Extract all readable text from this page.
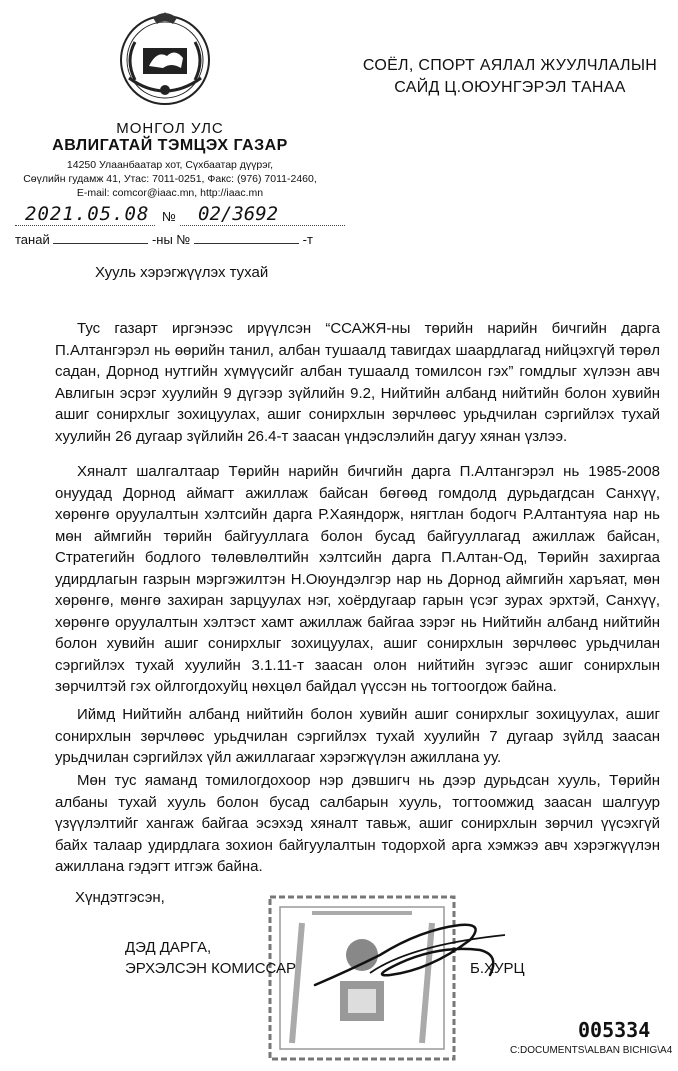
МОНГОЛ УЛС
АВЛИГАТАЙ ТЭМЦЭХ ГАЗАР
14250 Улаанбаатар хот, Сүхбаатар дүүрэг,
Сөүлийн гудамж 41, Утас: 7011-0251, Факс: (976) 7011-2460,
E-mail: comcor@iaac.mn, http://iaac.mn
СОЁЛ, СПОРТ АЯЛАЛ ЖУУЛЧЛАЛЫН
САЙД Ц.ОЮУНГЭРЭЛ ТАНАА
2021.05.08 № 02/3692
танай	-ны №	-т
Хууль хэрэгжүүлэх тухай
Тус газарт иргэнээс ирүүлсэн “ССАЖЯ-ны төрийн нарийн бичгийн дарга П.Алтангэрэл нь өөрийн танил, албан тушаалд тавигдах шаардлагад нийцэхгүй төрөл садан, Дорнод нутгийн хүмүүсийг албан тушаалд томилсон гэх” гомдлыг хүлээн авч Авлигын эсрэг хуулийн 9 дүгээр зүйлийн 9.2, Нийтийн албанд нийтийн болон хувийн ашиг сонирхлыг зохицуулах, ашиг сонирхлын зөрчлөөс урьдчилан сэргийлэх тухай хуулийн 26 дугаар зүйлийн 26.4-т заасан үндэслэлийн дагуу хянан үзлээ.
Хяналт шалгалтаар Төрийн нарийн бичгийн дарга П.Алтангэрэл нь 1985-2008 онуудад Дорнод аймагт ажиллаж байсан бөгөөд гомдолд дурьдагдсан Санхүү, хөрөнгө оруулалтын хэлтсийн дарга Р.Хаяндорж, нягтлан бодогч Р.Алтантуяа нар нь мөн аймгийн төрийн байгууллага болон бусад байгууллагад ажиллаж байсан, Стратегийн бодлого төлөвлөлтийн хэлтсийн дарга П.Алтан-Од, Төрийн захиргаа удирдлагын газрын мэргэжилтэн Н.Оюундэлгэр нар нь Дорнод аймгийн харъяат, мөн хөрөнгө, мөнгө захиран зарцуулах нэг, хоёрдугаар гарын үсэг зурах эрхтэй, Санхүү, хөрөнгө оруулалтын хэлтэст хамт ажиллаж байгаа зэрэг нь Нийтийн албанд нийтийн болон хувийн ашиг сонирхлыг зохицуулах, ашиг сонирхлын зөрчлөөс урьдчилан сэргийлэх тухай хуулийн 3.1.11-т заасан олон нийтийн зүгээс ашиг сонирхлын зөрчилтэй гэх ойлгогдохуйц нөхцөл байдал үүссэн нь тогтоогдож байна.
Иймд Нийтийн албанд нийтийн болон хувийн ашиг сонирхлыг зохицуулах, ашиг сонирхлын зөрчлөөс урьдчилан сэргийлэх тухай хуулийн 7 дугаар зүйлд заасан урьдчилан сэргийлэх үйл ажиллагааг хэрэгжүүлэн ажиллана уу.
Мөн тус яаманд томилогдохоор нэр дэвшигч нь дээр дурьдсан хууль, Төрийн албаны тухай хууль болон бусад салбарын хууль, тогтоомжид заасан шалгуур үзүүлэлтийг хангаж байгаа эсэхэд хяналт тавьж, ашиг сонирхлын зөрчил үүсэхгүй байх талаар удирдлага зохион байгуулалтын тодорхой арга хэмжээ авч хэрэгжүүлэн ажиллана гэдэгт итгэж байна.
Хүндэтгэсэн,
ДЭД ДАРГА,
ЭРХЭЛСЭН КОМИССАР	Б.ХУРЦ
005334
C:DOCUMENTS\ALBAN BICHIG\A4
